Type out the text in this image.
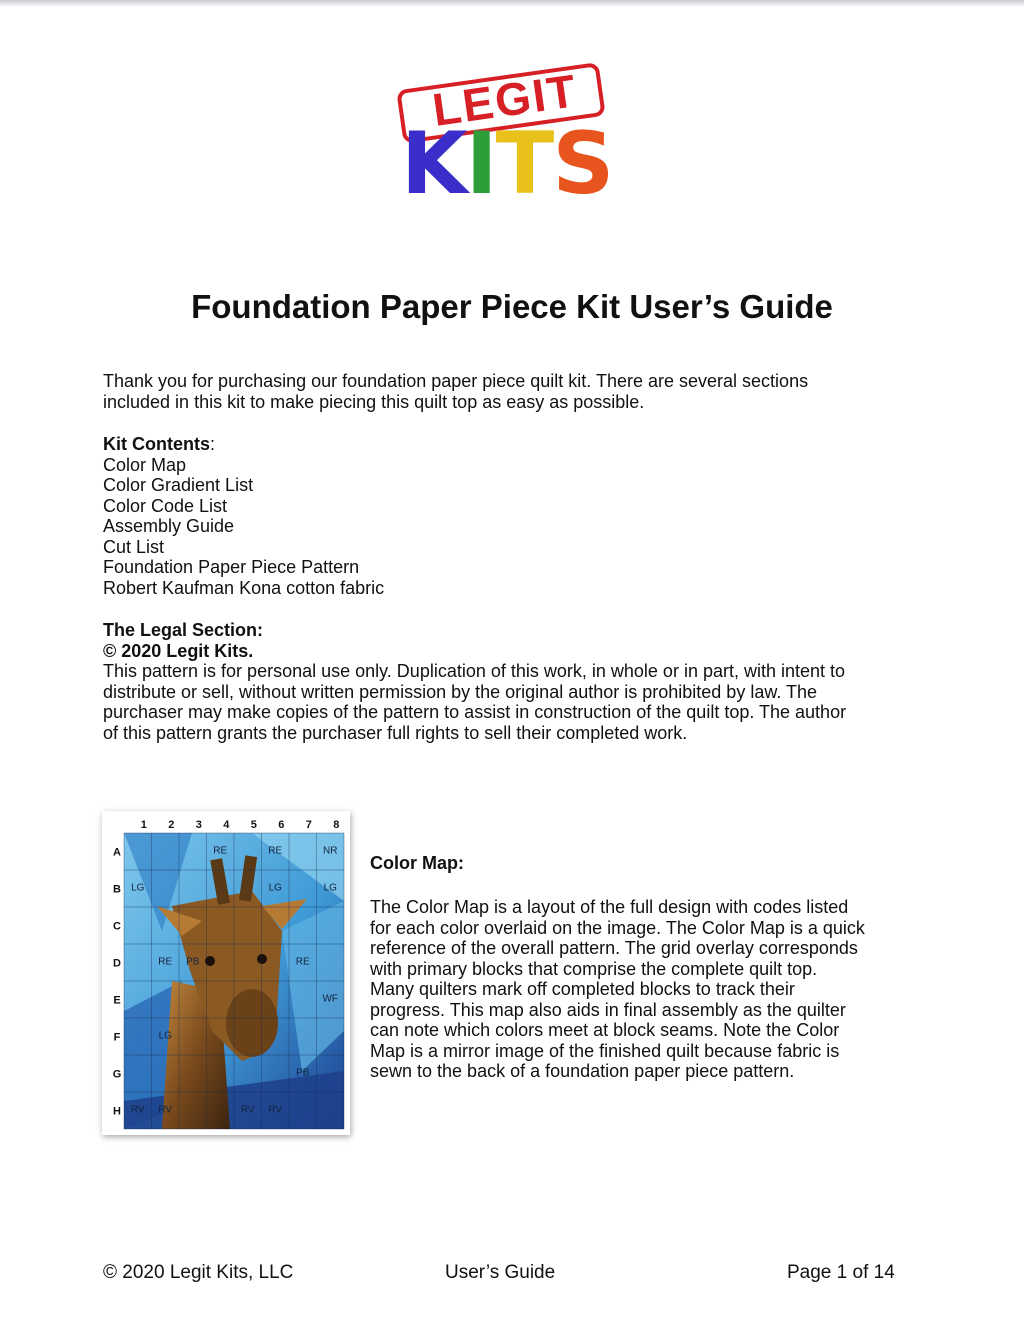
LEGIT
KITS
Foundation Paper Piece Kit User’s Guide

Thank you for purchasing our foundation paper piece quilt kit. There are several sections

included in this kit to make piecing this quilt top as easy as possible.

Kit Contents:

Color Map

Color Gradient List

Color Code List

Assembly Guide

Cut List

Foundation Paper Piece Pattern

Robert Kaufman Kona cotton fabric

The Legal Section:

© 2020 Legit Kits.

This pattern is for personal use only. Duplication of this work, in whole or in part, with intent to

distribute or sell, without written permission by the original author is prohibited by law. The

purchaser may make copies of the pattern to assist in construction of the quilt top. The author

of this pattern grants the purchaser full rights to sell their completed work.

1 2 3 4 5 6 7 8
A
B
C
D
E
F
G
H
RE	RE	NR
LG	LG	LG
RE PB	RE
WF
LG
PB
RV RV	RV RV
Color Map:
The Color Map is a layout of the full design with codes listed
for each color overlaid on the image. The Color Map is a quick
reference of the overall pattern. The grid overlay corresponds
with primary blocks that comprise the complete quilt top.
Many quilters mark off completed blocks to track their
progress. This map also aids in final assembly as the quilter
can note which colors meet at block seams. Note the Color
Map is a mirror image of the finished quilt because fabric is
sewn to the back of a foundation paper piece pattern.
© 2020 Legit Kits, LLC	User’s Guide	Page 1 of 14
